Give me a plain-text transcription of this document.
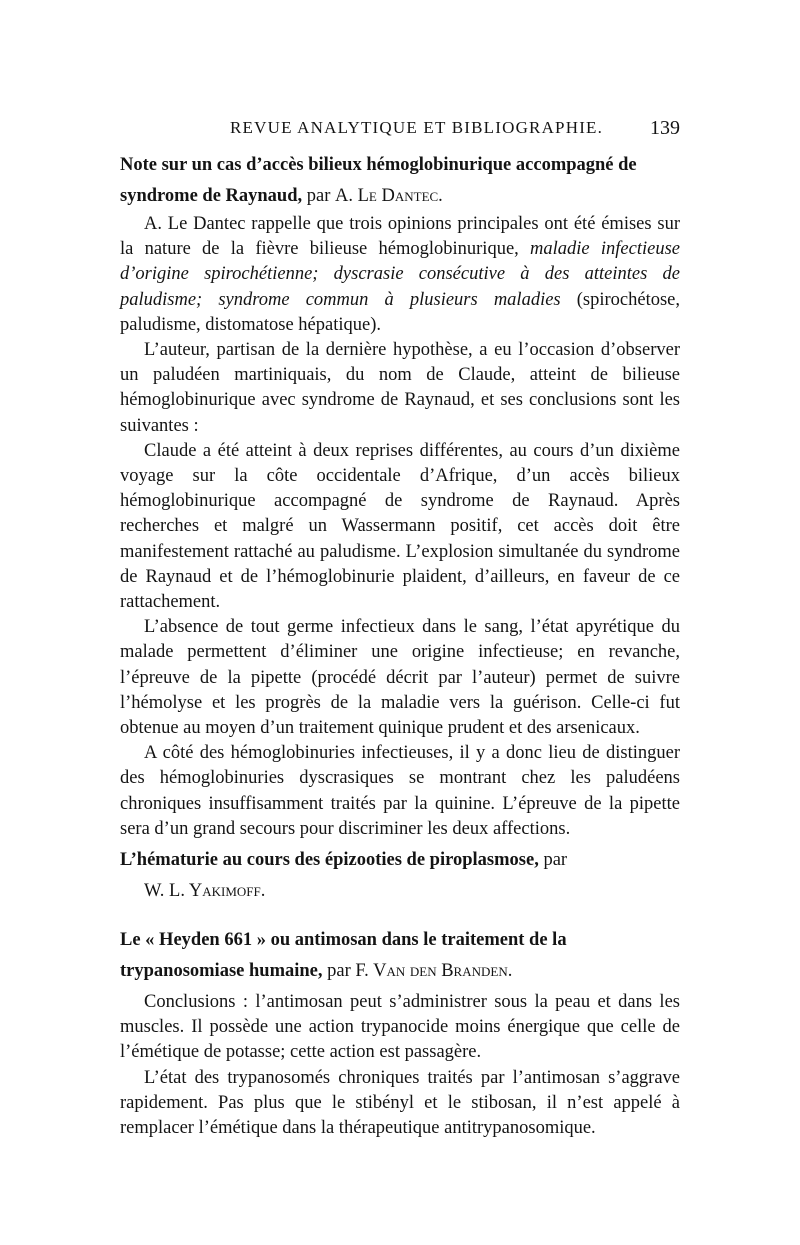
REVUE ANALYTIQUE ET BIBLIOGRAPHIE. 139
Note sur un cas d’accès bilieux hémoglobinurique accompagné de syndrome de Raynaud, par A. Le Dantec.

A. Le Dantec rappelle que trois opinions principales ont été émises sur la nature de la fièvre bilieuse hémoglobinurique, maladie infectieuse d’origine spirochétienne; dyscrasie consécutive à des atteintes de paludisme; syndrome commun à plusieurs maladies (spirochétose, paludisme, distomatose hépatique).

L’auteur, partisan de la dernière hypothèse, a eu l’occasion d’observer un paludéen martiniquais, du nom de Claude, atteint de bilieuse hémoglobinurique avec syndrome de Raynaud, et ses conclusions sont les suivantes :

Claude a été atteint à deux reprises différentes, au cours d’un dixième voyage sur la côte occidentale d’Afrique, d’un accès bilieux hémoglobinurique accompagné de syndrome de Raynaud. Après recherches et malgré un Wassermann positif, cet accès doit être manifestement rattaché au paludisme. L’explosion simultanée du syndrome de Raynaud et de l’hémoglobinurie plaident, d’ailleurs, en faveur de ce rattachement.

L’absence de tout germe infectieux dans le sang, l’état apyrétique du malade permettent d’éliminer une origine infectieuse; en revanche, l’épreuve de la pipette (procédé décrit par l’auteur) permet de suivre l’hémolyse et les progrès de la maladie vers la guérison. Celle-ci fut obtenue au moyen d’un traitement quinique prudent et des arsenicaux.

A côté des hémoglobinuries infectieuses, il y a donc lieu de distinguer des hémoglobinuries dyscrasiques se montrant chez les paludéens chroniques insuffisamment traités par la quinine. L’épreuve de la pipette sera d’un grand secours pour discriminer les deux affections.

L’hématurie au cours des épizooties de piroplasmose, par
W. L. Yakimoff.
Le « Heyden 661 » ou antimosan dans le traitement de la trypanosomiase humaine, par F. Van den Branden.

Conclusions : l’antimosan peut s’administrer sous la peau et dans les muscles. Il possède une action trypanocide moins énergique que celle de l’émétique de potasse; cette action est passagère.

L’état des trypanosomés chroniques traités par l’antimosan s’aggrave rapidement. Pas plus que le stibényl et le stibosan, il n’est appelé à remplacer l’émétique dans la thérapeutique antitrypanosomique.
